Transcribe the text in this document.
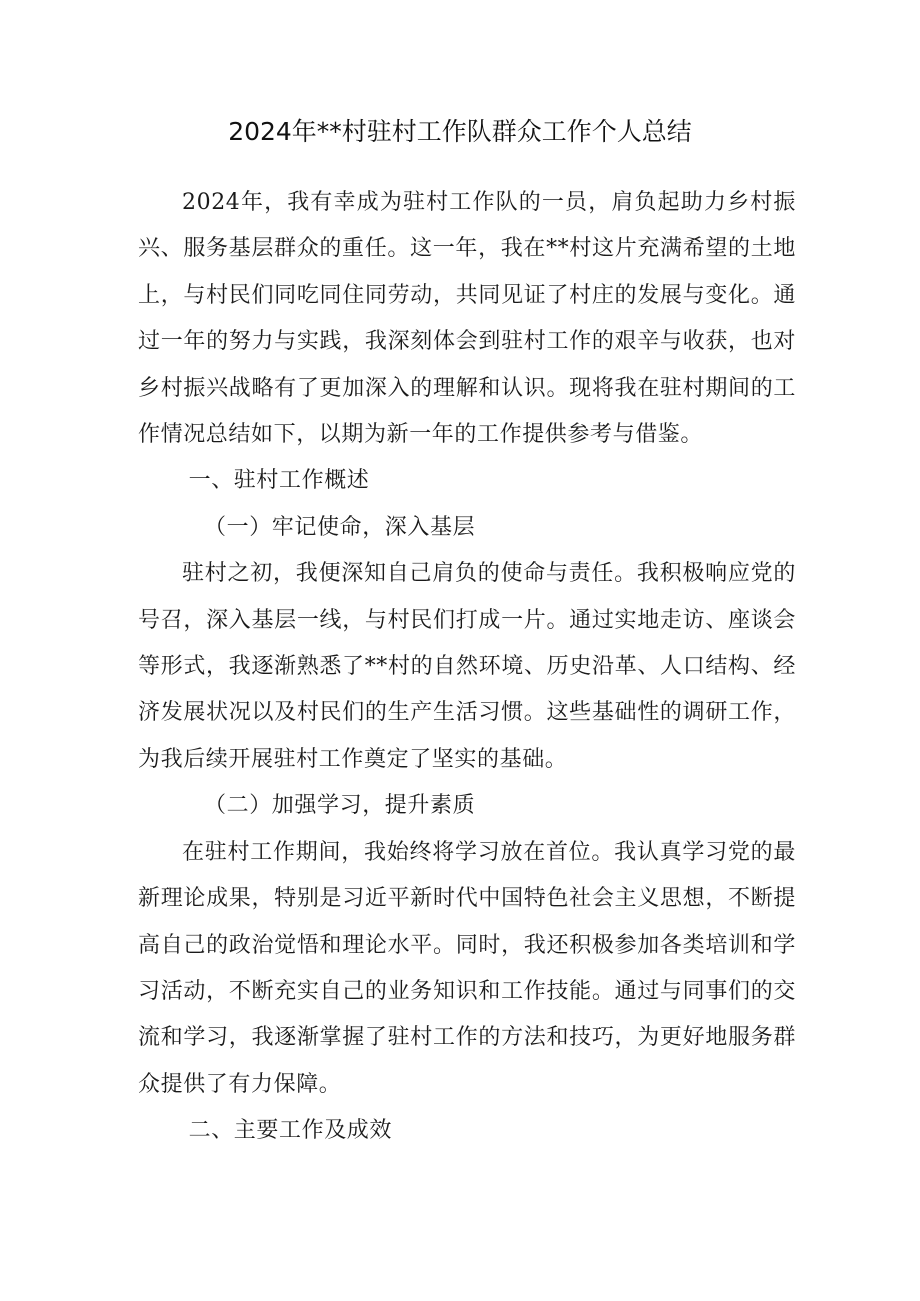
2024年**村驻村工作队群众工作个人总结

2024年，我有幸成为驻村工作队的一员，肩负起助力乡村振兴、服务基层群众的重任。这一年，我在**村这片充满希望的土地上，与村民们同吃同住同劳动，共同见证了村庄的发展与变化。通过一年的努力与实践，我深刻体会到驻村工作的艰辛与收获，也对乡村振兴战略有了更加深入的理解和认识。现将我在驻村期间的工作情况总结如下，以期为新一年的工作提供参考与借鉴。

一、驻村工作概述

（一）牢记使命，深入基层

驻村之初，我便深知自己肩负的使命与责任。我积极响应党的号召，深入基层一线，与村民们打成一片。通过实地走访、座谈会等形式，我逐渐熟悉了**村的自然环境、历史沿革、人口结构、经济发展状况以及村民们的生产生活习惯。这些基础性的调研工作，为我后续开展驻村工作奠定了坚实的基础。

（二）加强学习，提升素质

在驻村工作期间，我始终将学习放在首位。我认真学习党的最新理论成果，特别是习近平新时代中国特色社会主义思想，不断提高自己的政治觉悟和理论水平。同时，我还积极参加各类培训和学习活动，不断充实自己的业务知识和工作技能。通过与同事们的交流和学习，我逐渐掌握了驻村工作的方法和技巧，为更好地服务群众提供了有力保障。

二、主要工作及成效
